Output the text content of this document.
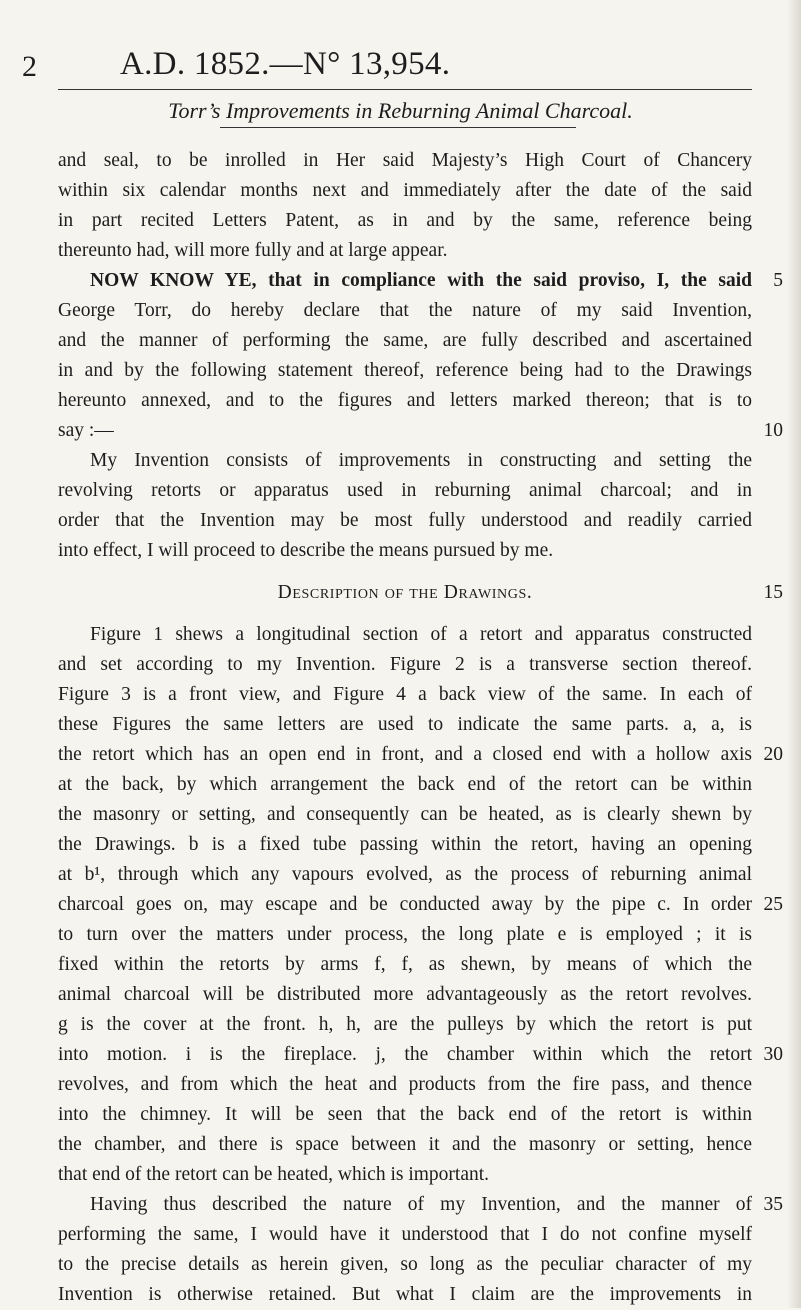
2	A.D. 1852.—N° 13,954.
Torr’s Improvements in Reburning Animal Charcoal.
and seal, to be inrolled in Her said Majesty’s High Court of Chancery
within six calendar months next and immediately after the date of the said
in part recited Letters Patent, as in and by the same, reference being
thereunto had, will more fully and at large appear.
NOW KNOW YE, that in compliance with the said proviso, I, the said
George Torr, do hereby declare that the nature of my said Invention,
and the manner of performing the same, are fully described and ascertained
in and by the following statement thereof, reference being had to the Drawings
hereunto annexed, and to the figures and letters marked thereon; that is to
say :—
My Invention consists of improvements in constructing and setting the
revolving retorts or apparatus used in reburning animal charcoal; and in
order that the Invention may be most fully understood and readily carried
into effect, I will proceed to describe the means pursued by me.
Description of the Drawings.
Figure 1 shews a longitudinal section of a retort and apparatus constructed
and set according to my Invention. Figure 2 is a transverse section thereof.
Figure 3 is a front view, and Figure 4 a back view of the same. In each of
these Figures the same letters are used to indicate the same parts. a, a, is
the retort which has an open end in front, and a closed end with a hollow axis
at the back, by which arrangement the back end of the retort can be within
the masonry or setting, and consequently can be heated, as is clearly shewn by
the Drawings. b is a fixed tube passing within the retort, having an opening
at b¹, through which any vapours evolved, as the process of reburning animal
charcoal goes on, may escape and be conducted away by the pipe c. In order
to turn over the matters under process, the long plate e is employed ; it is
fixed within the retorts by arms f, f, as shewn, by means of which the
animal charcoal will be distributed more advantageously as the retort revolves.
g is the cover at the front. h, h, are the pulleys by which the retort is put
into motion. i is the fireplace. j, the chamber within which the retort
revolves, and from which the heat and products from the fire pass, and thence
into the chimney. It will be seen that the back end of the retort is within
the chamber, and there is space between it and the masonry or setting, hence
that end of the retort can be heated, which is important.
Having thus described the nature of my Invention, and the manner of
performing the same, I would have it understood that I do not confine myself
to the precise details as herein given, so long as the peculiar character of my
Invention is otherwise retained. But what I claim are the improvements in
5
10
15
20
25
30
35
